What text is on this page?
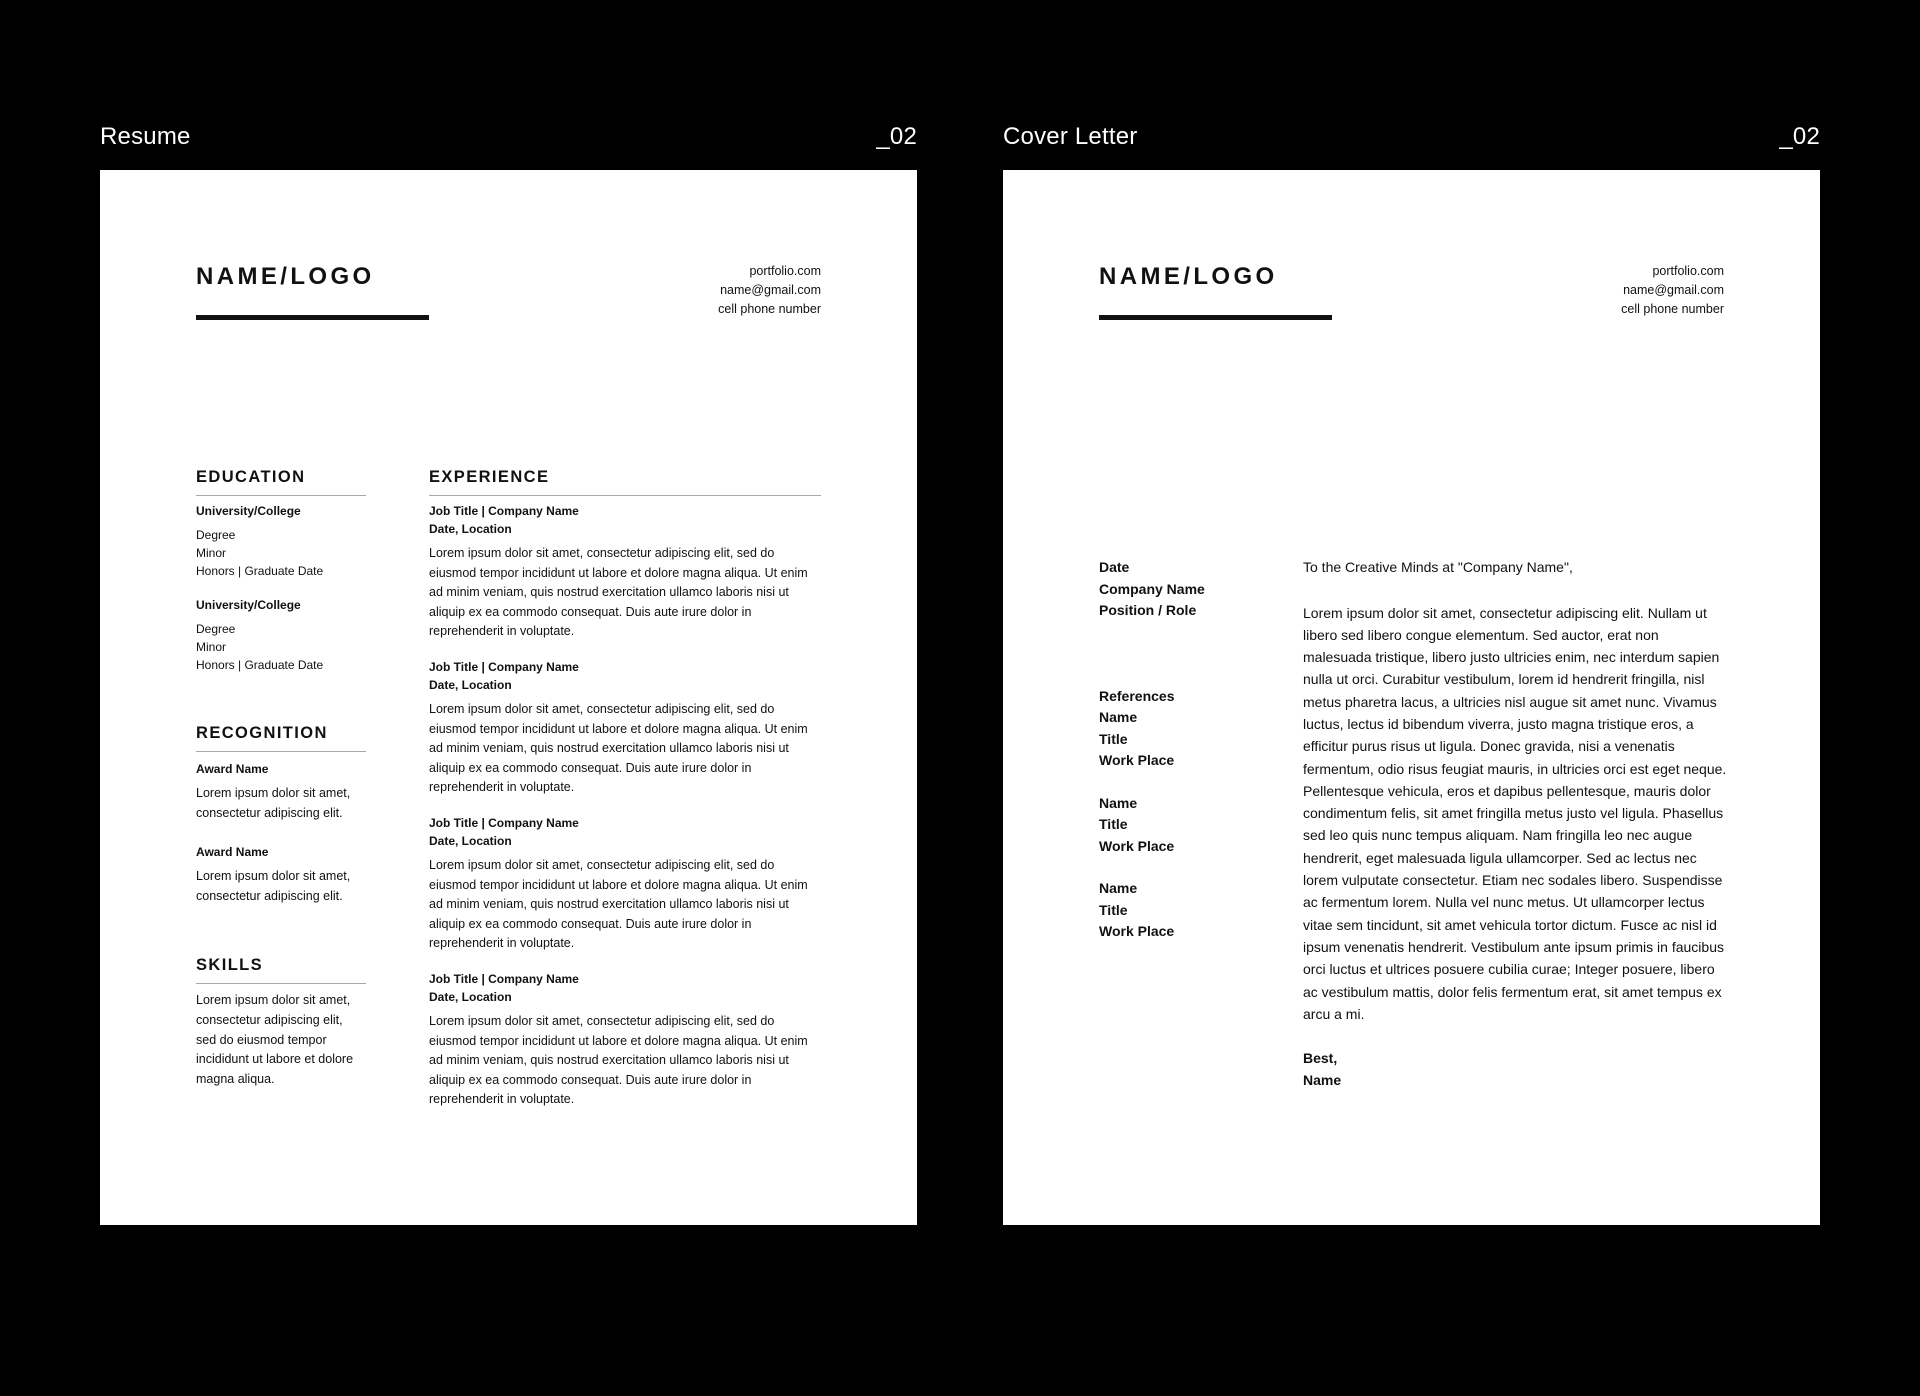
Resume	_02	Cover Letter	_02
NAME/LOGO	portfolio.com
name@gmail.com
cell phone number
EDUCATION
University/College
Degree
Minor
Honors | Graduate Date
University/College
Degree
Minor
Honors | Graduate Date
RECOGNITION
Award Name
Lorem ipsum dolor sit amet, consectetur adipiscing elit.
Award Name
Lorem ipsum dolor sit amet, consectetur adipiscing elit.
SKILLS
Lorem ipsum dolor sit amet, consectetur adipiscing elit, sed do eiusmod tempor incididunt ut labore et dolore magna aliqua.
EXPERIENCE
Job Title | Company Name
Date, Location
Lorem ipsum dolor sit amet, consectetur adipiscing elit, sed do eiusmod tempor incididunt ut labore et dolore magna aliqua. Ut enim ad minim veniam, quis nostrud exercitation ullamco laboris nisi ut aliquip ex ea commodo consequat. Duis aute irure dolor in reprehenderit in voluptate.
Job Title | Company Name
Date, Location
Lorem ipsum dolor sit amet, consectetur adipiscing elit, sed do eiusmod tempor incididunt ut labore et dolore magna aliqua. Ut enim ad minim veniam, quis nostrud exercitation ullamco laboris nisi ut aliquip ex ea commodo consequat. Duis aute irure dolor in reprehenderit in voluptate.
Job Title | Company Name
Date, Location
Lorem ipsum dolor sit amet, consectetur adipiscing elit, sed do eiusmod tempor incididunt ut labore et dolore magna aliqua. Ut enim ad minim veniam, quis nostrud exercitation ullamco laboris nisi ut aliquip ex ea commodo consequat. Duis aute irure dolor in reprehenderit in voluptate.
Job Title | Company Name
Date, Location
Lorem ipsum dolor sit amet, consectetur adipiscing elit, sed do eiusmod tempor incididunt ut labore et dolore magna aliqua. Ut enim ad minim veniam, quis nostrud exercitation ullamco laboris nisi ut aliquip ex ea commodo consequat. Duis aute irure dolor in reprehenderit in voluptate.
NAME/LOGO	portfolio.com
name@gmail.com
cell phone number
Date
Company Name
Position / Role
References
Name
Title
Work Place
Name
Title
Work Place
Name
Title
Work Place
To the Creative Minds at "Company Name",
Lorem ipsum dolor sit amet, consectetur adipiscing elit. Nullam ut libero sed libero congue elementum. Sed auctor, erat non malesuada tristique, libero justo ultricies enim, nec interdum sapien nulla ut orci. Curabitur vestibulum, lorem id hendrerit fringilla, nisl metus pharetra lacus, a ultricies nisl augue sit amet nunc. Vivamus luctus, lectus id bibendum viverra, justo magna tristique eros, a efficitur purus risus ut ligula. Donec gravida, nisi a venenatis fermentum, odio risus feugiat mauris, in ultricies orci est eget neque. Pellentesque vehicula, eros et dapibus pellentesque, mauris dolor condimentum felis, sit amet fringilla metus justo vel ligula. Phasellus sed leo quis nunc tempus aliquam. Nam fringilla leo nec augue hendrerit, eget malesuada ligula ullamcorper. Sed ac lectus nec lorem vulputate consectetur. Etiam nec sodales libero. Suspendisse ac fermentum lorem. Nulla vel nunc metus. Ut ullamcorper lectus vitae sem tincidunt, sit amet vehicula tortor dictum. Fusce ac nisl id ipsum venenatis hendrerit. Vestibulum ante ipsum primis in faucibus orci luctus et ultrices posuere cubilia curae; Integer posuere, libero ac vestibulum mattis, dolor felis fermentum erat, sit amet tempus ex arcu a mi.
Best,
Name
